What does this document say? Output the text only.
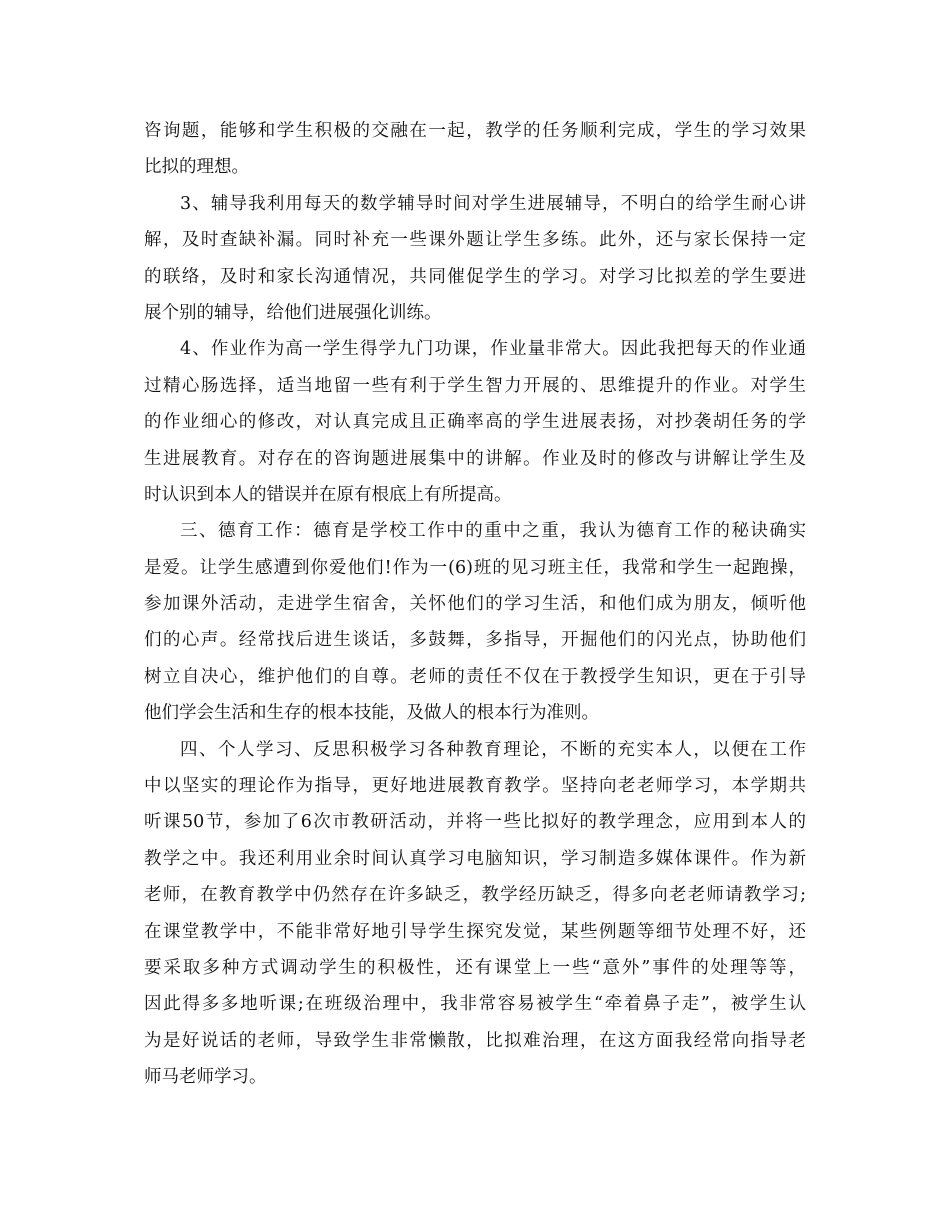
咨询题，能够和学生积极的交融在一起，教学的任务顺利完成，学生的学习效果
比拟的理想。
3、辅导我利用每天的数学辅导时间对学生进展辅导，不明白的给学生耐心讲
解，及时查缺补漏。同时补充一些课外题让学生多练。此外，还与家长保持一定
的联络，及时和家长沟通情况，共同催促学生的学习。对学习比拟差的学生要进
展个别的辅导，给他们进展强化训练。
4、作业作为高一学生得学九门功课，作业量非常大。因此我把每天的作业通
过精心肠选择，适当地留一些有利于学生智力开展的、思维提升的作业。对学生
的作业细心的修改，对认真完成且正确率高的学生进展表扬，对抄袭胡任务的学
生进展教育。对存在的咨询题进展集中的讲解。作业及时的修改与讲解让学生及
时认识到本人的错误并在原有根底上有所提高。
三、德育工作：德育是学校工作中的重中之重，我认为德育工作的秘诀确实
是爱。让学生感遭到你爱他们!作为一(6)班的见习班主任，我常和学生一起跑操，
参加课外活动，走进学生宿舍，关怀他们的学习生活，和他们成为朋友，倾听他
们的心声。经常找后进生谈话，多鼓舞，多指导，开掘他们的闪光点，协助他们
树立自决心，维护他们的自尊。老师的责任不仅在于教授学生知识，更在于引导
他们学会生活和生存的根本技能，及做人的根本行为准则。
四、个人学习、反思积极学习各种教育理论，不断的充实本人，以便在工作
中以坚实的理论作为指导，更好地进展教育教学。坚持向老老师学习，本学期共
听课50节，参加了6次市教研活动，并将一些比拟好的教学理念，应用到本人的
教学之中。我还利用业余时间认真学习电脑知识，学习制造多媒体课件。作为新
老师，在教育教学中仍然存在许多缺乏，教学经历缺乏，得多向老老师请教学习;
在课堂教学中，不能非常好地引导学生探究发觉，某些例题等细节处理不好，还
要采取多种方式调动学生的积极性，还有课堂上一些“意外”事件的处理等等，
因此得多多地听课;在班级治理中，我非常容易被学生“牵着鼻子走”，被学生认
为是好说话的老师，导致学生非常懒散，比拟难治理，在这方面我经常向指导老
师马老师学习。
